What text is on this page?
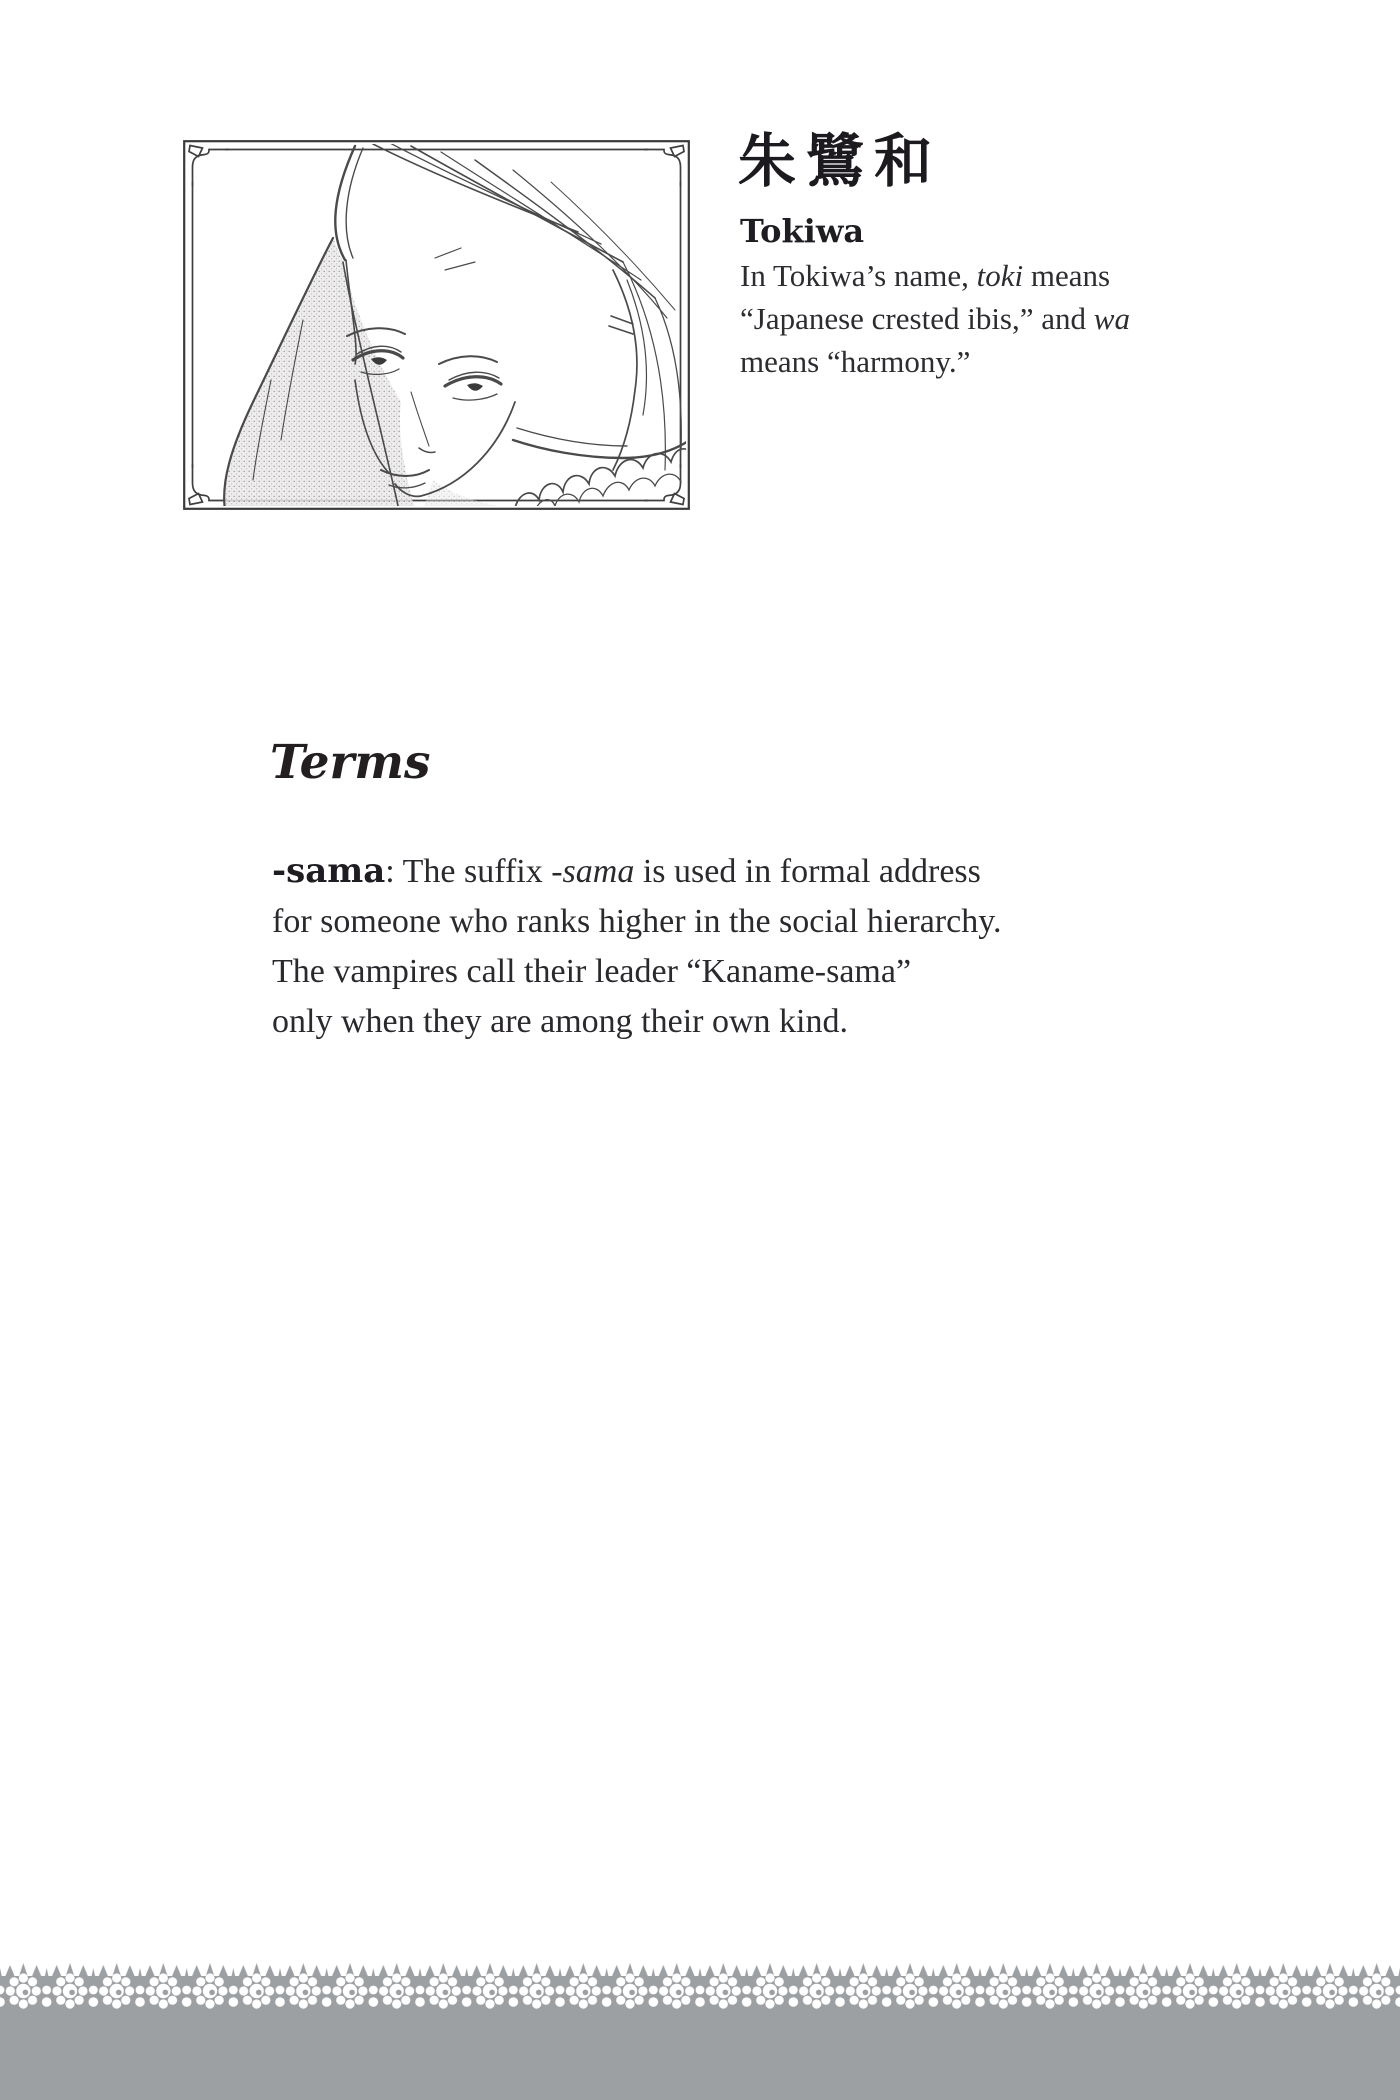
朱鷺和
Tokiwa
In Tokiwa’s name, toki means
“Japanese crested ibis,” and wa
means “harmony.”
Terms
-sama: The suffix -sama is used in formal address
for someone who ranks higher in the social hierarchy.
The vampires call their leader “Kaname-sama”
only when they are among their own kind.
